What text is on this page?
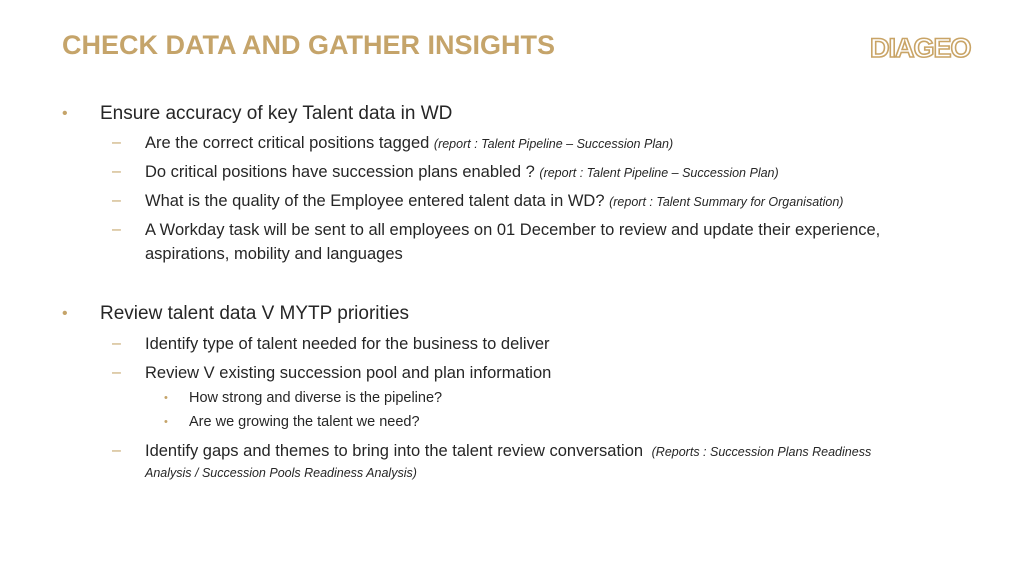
CHECK DATA AND GATHER INSIGHTS	DIAGEO
• Ensure accuracy of key Talent data in WD
– Are the correct critical positions tagged (report : Talent Pipeline – Succession Plan)
– Do critical positions have succession plans enabled ? (report : Talent Pipeline – Succession Plan)
– What is the quality of the Employee entered talent data in WD? (report : Talent Summary for Organisation)
– A Workday task will be sent to all employees on 01 December to review and update their experience,
aspirations, mobility and languages
• Review talent data V MYTP priorities
– Identify type of talent needed for the business to deliver
– Review V existing succession pool and plan information
• How strong and diverse is the pipeline?
• Are we growing the talent we need?
– Identify gaps and themes to bring into the talent review conversation (Reports : Succession Plans Readiness
Analysis / Succession Pools Readiness Analysis)
